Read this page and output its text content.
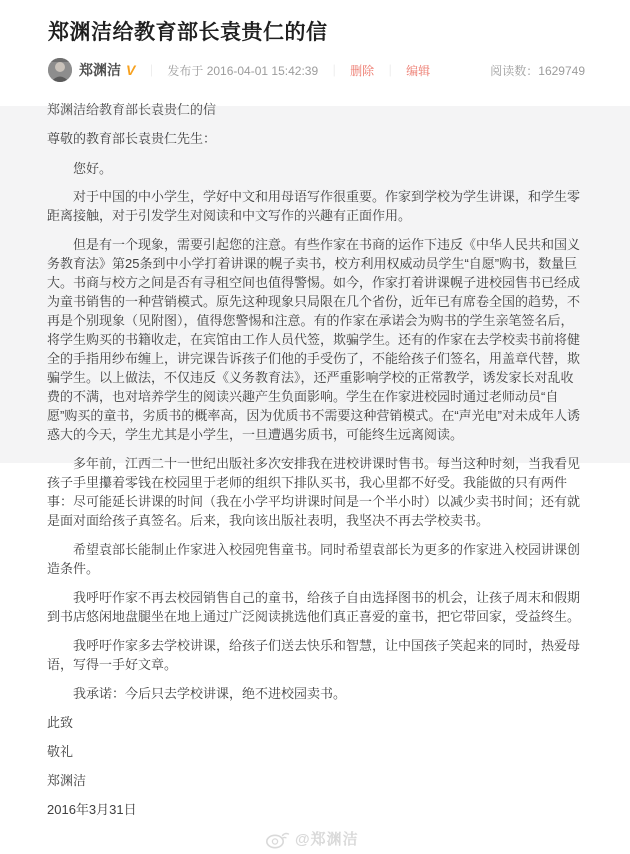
郑渊洁给教育部长袁贵仁的信
郑渊洁 V ｜ 发布于 2016-04-01 15:42:39 ｜ 删除 ｜ 编辑	阅读数：1629749

郑渊洁给教育部长袁贵仁的信

尊敬的教育部长袁贵仁先生：

您好。

对于中国的中小学生，学好中文和用母语写作很重要。作家到学校为学生讲课，和学生零距离接触，对于引发学生对阅读和中文写作的兴趣有正面作用。

但是有一个现象，需要引起您的注意。有些作家在书商的运作下违反《中华人民共和国义务教育法》第25条到中小学打着讲课的幌子卖书，校方利用权威动员学生“自愿”购书，数量巨大。书商与校方之间是否有寻租空间也值得警惕。如今，作家打着讲课幌子进校园售书已经成为童书销售的一种营销模式。原先这种现象只局限在几个省份，近年已有席卷全国的趋势，不再是个别现象（见附图），值得您警惕和注意。有的作家在承诺会为购书的学生亲笔签名后，将学生购买的书籍收走，在宾馆由工作人员代签，欺骗学生。还有的作家在去学校卖书前将健全的手指用纱布缠上，讲完课告诉孩子们他的手受伤了，不能给孩子们签名，用盖章代替，欺骗学生。以上做法，不仅违反《义务教育法》，还严重影响学校的正常教学，诱发家长对乱收费的不满，也对培养学生的阅读兴趣产生负面影响。学生在作家进校园时通过老师动员“自愿”购买的童书，劣质书的概率高，因为优质书不需要这种营销模式。在“声光电”对未成年人诱惑大的今天，学生尤其是小学生，一旦遭遇劣质书，可能终生远离阅读。

多年前，江西二十一世纪出版社多次安排我在进校讲课时售书。每当这种时刻，当我看见孩子手里攥着零钱在校园里于老师的组织下排队买书，我心里都不好受。我能做的只有两件事：尽可能延长讲课的时间（我在小学平均讲课时间是一个半小时）以减少卖书时间；还有就是面对面给孩子真签名。后来，我向该出版社表明，我坚决不再去学校卖书。

希望袁部长能制止作家进入校园兜售童书。同时希望袁部长为更多的作家进入校园讲课创造条件。

我呼吁作家不再去校园销售自己的童书，给孩子自由选择图书的机会，让孩子周末和假期到书店悠闲地盘腿坐在地上通过广泛阅读挑选他们真正喜爱的童书，把它带回家，受益终生。

我呼吁作家多去学校讲课，给孩子们送去快乐和智慧，让中国孩子笑起来的同时，热爱母语，写得一手好文章。

我承诺：今后只去学校讲课，绝不进校园卖书。

此致

敬礼

郑渊洁

2016年3月31日

@郑渊洁
